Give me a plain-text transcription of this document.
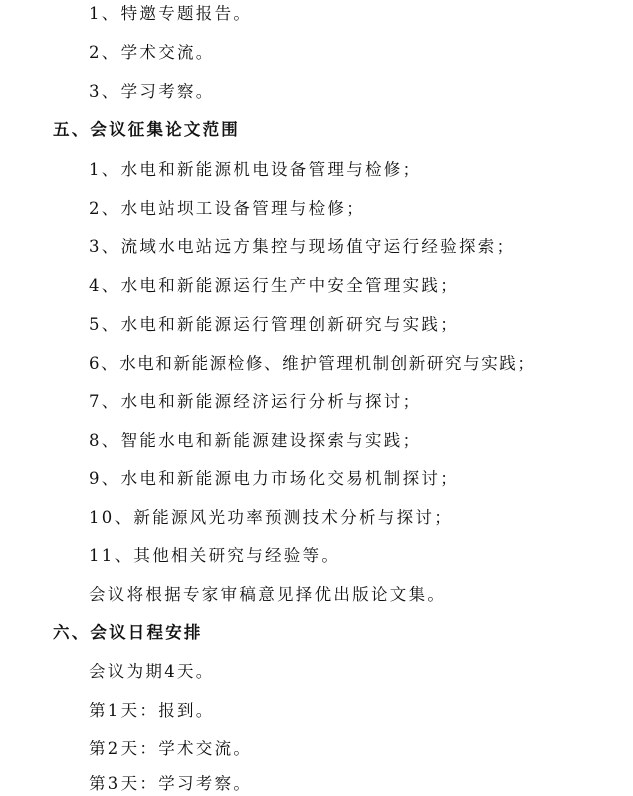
1、特邀专题报告。
2、学术交流。
3、学习考察。
五、会议征集论文范围
1、水电和新能源机电设备管理与检修；
2、水电站坝工设备管理与检修；
3、流域水电站远方集控与现场值守运行经验探索；
4、水电和新能源运行生产中安全管理实践；
5、水电和新能源运行管理创新研究与实践；
6、水电和新能源检修、维护管理机制创新研究与实践；
7、水电和新能源经济运行分析与探讨；
8、智能水电和新能源建设探索与实践；
9、水电和新能源电力市场化交易机制探讨；
10、新能源风光功率预测技术分析与探讨；
11、其他相关研究与经验等。
会议将根据专家审稿意见择优出版论文集。
六、会议日程安排
会议为期4天。
第1天：报到。
第2天：学术交流。
第3天：学习考察。
